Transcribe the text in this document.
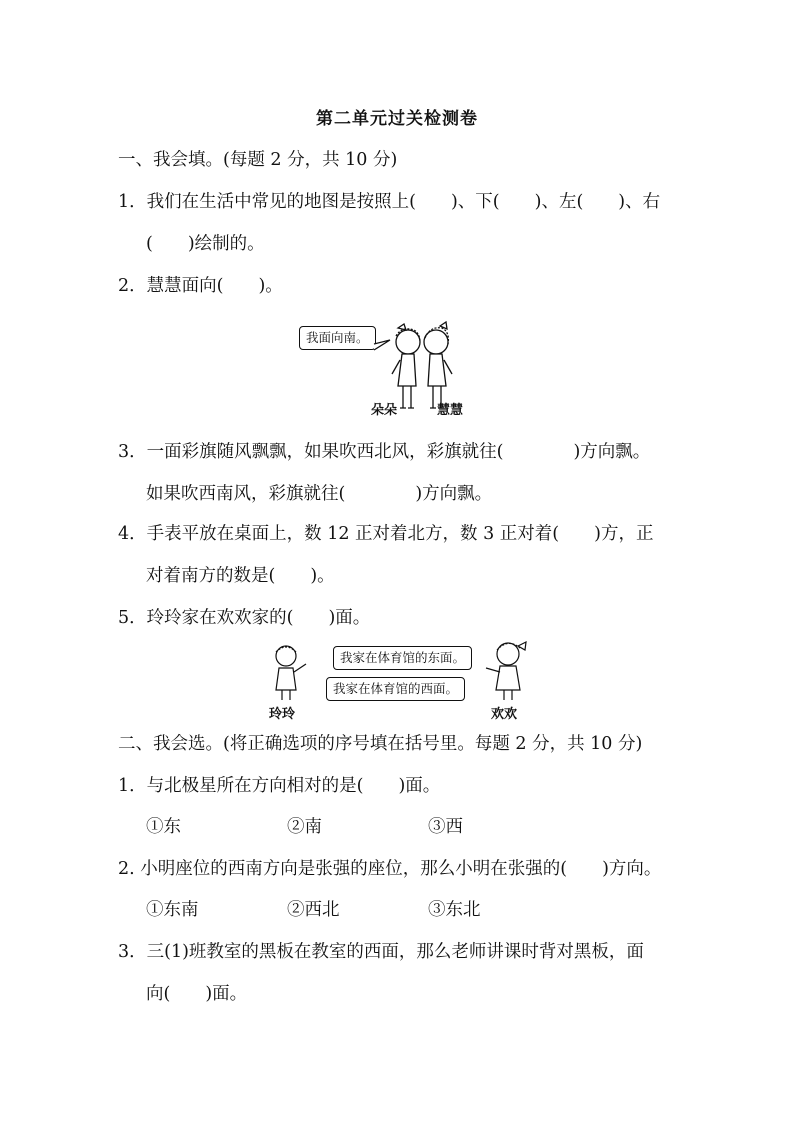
第二单元过关检测卷
一、我会填。(每题 2 分，共 10 分)
1．我们在生活中常见的地图是按照上(　　)、下(　　)、左(　　)、右
(　　)绘制的。
2．慧慧面向(　　)。
我面向南。
朵朵	慧慧
3．一面彩旗随风飘飘，如果吹西北风，彩旗就往(　　　　)方向飘。
如果吹西南风，彩旗就往(　　　　)方向飘。
4．手表平放在桌面上，数 12 正对着北方，数 3 正对着(　　)方，正
对着南方的数是(　　)。
5．玲玲家在欢欢家的(　　)面。
玲玲
我家在体育馆的东面。
我家在体育馆的西面。
欢欢
二、我会选。(将正确选项的序号填在括号里。每题 2 分，共 10 分)
1．与北极星所在方向相对的是(　　)面。
①东	②南	③西
2. 小明座位的西南方向是张强的座位，那么小明在张强的(　　)方向。
①东南	②西北	③东北
3．三(1)班教室的黑板在教室的西面，那么老师讲课时背对黑板，面
向(　　)面。
